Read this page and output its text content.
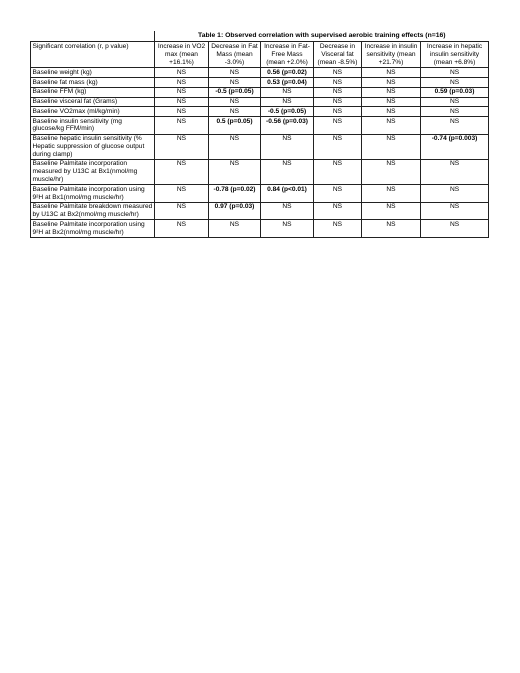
	Table 1: Observed correlation with supervised aerobic training effects (n=16)					
Significant correlation (r, p value)	Increase in VO2 max (mean +16.1%)	Decrease in Fat Mass (mean -3.0%)	Increase in Fat-Free Mass (mean +2.0%)	Decrease in Visceral fat (mean -8.5%)	Increase in insulin sensitivity (mean +21.7%)	Increase in hepatic insulin sensitivity (mean +6.8%)
Baseline weight (kg)	NS	NS	0.56 (p=0.02)	NS	NS	NS
Baseline fat mass (kg)	NS	NS	0.53 (p=0.04)	NS	NS	NS
Baseline FFM (kg)	NS	-0.5 (p=0.05)	NS	NS	NS	0.59 (p=0.03)
Baseline visceral fat (Grams)	NS	NS	NS	NS	NS	NS
Baseline VO2max (ml/kg/min)	NS	NS	-0.5 (p=0.05)	NS	NS	NS
Baseline insulin sensitivity (mg glucose/kg FFM/min)	NS	0.5 (p=0.05)	-0.56 (p=0.03)	NS	NS	NS
Baseline hepatic insulin sensitivity (% Hepatic suppression of glucose output during clamp)	NS	NS	NS	NS	NS	-0.74 (p=0.003)
Baseline Palmitate incorporation measured by U13C at Bx1(nmol/mg muscle/hr)	NS	NS	NS	NS	NS	NS
Baseline Palmitate incorporation using 9²H at Bx1(nmol/mg muscle/hr)	NS	-0.78 (p=0.02)	0.84 (p<0.01)	NS	NS	NS
Baseline Palmitate breakdown measured by U13C at Bx2(nmol/mg muscle/hr)	NS	0.97 (p=0.03)	NS	NS	NS	NS
Baseline Palmitate incorporation using 9²H at Bx2(nmol/mg muscle/hr)	NS	NS	NS	NS	NS	NS
